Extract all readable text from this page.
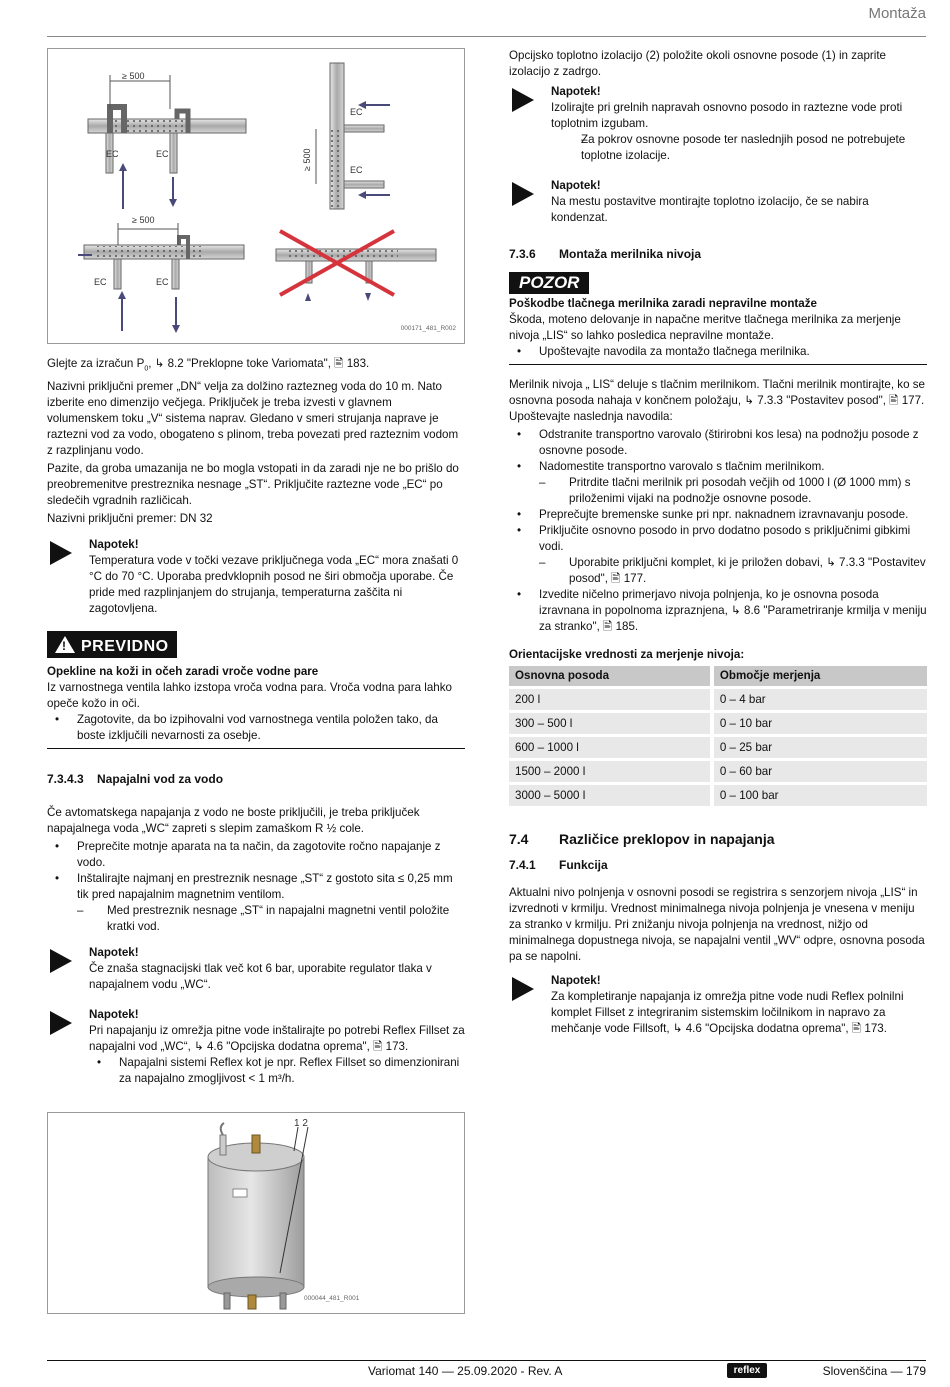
Montaža
≥ 500
EC	EC
EC
EC
≥ 500
≥ 500
EC	EC
000171_481_R002

Glejte za izračun $P_0$, ↳ 8.2 "Preklopne toke Variomata", 🖹 183.

Nazivni priključni premer „DN“ velja za dolžino raztezneg voda do 10 m. Nato izberite eno dimenzijo večjega. Priključek je treba izvesti v glavnem volumenskem toku „V“ sistema naprav. Gledano v smeri strujanja naprave je raztezni vod za vodo, obogateno s plinom, treba povezati pred razteznim vodom z razplinjanu vodo.

Pazite, da groba umazanija ne bo mogla vstopati in da zaradi nje ne bo prišlo do preobremenitve prestreznika nesnage „ST“. Priključite raztezne vode „EC“ po sledečih vgradnih različicah.

Nazivni priključni premer: DN 32

Napotek!
Temperatura vode v točki vezave priključnega voda „EC“ mora znašati 0 °C do 70 °C. Uporaba predvklopnih posod ne širi območja uporabe. Če pride med razplinjanjem do strujanja, temperaturna zaščita ni zagotovljena.
! PREVIDNO
Opekline na koži in očeh zaradi vroče vodne pare
Iz varnostnega ventila lahko izstopa vroča vodna para. Vroča vodna para lahko opeče kožo in oči.
• Zagotovite, da bo izpihovalni vod varnostnega ventila položen tako, da boste izključili nevarnosti za osebje.
7.3.4.3 Napajalni vod za vodo

Če avtomatskega napajanja z vodo ne boste priključili, je treba priključek napajalnega voda „WC“ zapreti s slepim zamaškom R ½ cole.

• Preprečite motnje aparata na ta način, da zagotovite ročno napajanje z vodo.
• Inštalirajte najmanj en prestreznik nesnage „ST“ z gostoto sita ≤ 0,25 mm tik pred napajalnim magnetnim ventilom.
– Med prestreznik nesnage „ST“ in napajalni magnetni ventil položite kratki vod.
Napotek!
Če znaša stagnacijski tlak več kot 6 bar, uporabite regulator tlaka v napajalnem vodu „WC“.
Napotek!
Pri napajanju iz omrežja pitne vode inštalirajte po potrebi Reflex Fillset za napajalni vod „WC“, ↳ 4.6 "Opcijska dodatna oprema", 🖹 173.
• Napajalni sistemi Reflex kot je npr. Reflex Fillset so dimenzionirani za napajalno zmogljivost < 1 m³/h.
1 2
000044_481_R001

Opcijsko toplotno izolacijo (2) položite okoli osnovne posode (1) in zaprite izolacijo z zadrgo.

Napotek!
Izolirajte pri grelnih napravah osnovno posodo in raztezne vode proti toplotnim izgubam.
– Za pokrov osnovne posode ter naslednjih posod ne potrebujete toplotne izolacije.
Napotek!
Na mestu postavitve montirajte toplotno izolacijo, če se nabira kondenzat.
7.3.6 Montaža merilnika nivoja
POZOR
Poškodbe tlačnega merilnika zaradi nepravilne montaže
Škoda, moteno delovanje in napačne meritve tlačnega merilnika za merjenje nivoja „LIS“ so lahko posledica nepravilne montaže.
• Upoštevajte navodila za montažo tlačnega merilnika.

Merilnik nivoja „ LIS“ deluje s tlačnim merilnikom. Tlačni merilnik montirajte, ko se osnovna posoda nahaja v končnem položaju, ↳ 7.3.3 "Postavitev posod", 🖹 177. Upoštevajte naslednja navodila:

• Odstranite transportno varovalo (štirirobni kos lesa) na podnožju posode z osnovne posode.
• Nadomestite transportno varovalo s tlačnim merilnikom.
– Pritrdite tlačni merilnik pri posodah večjih od 1000 l (Ø 1000 mm) s priloženimi vijaki na podnožje osnovne posode.
• Preprečujte bremenske sunke pri npr. naknadnem izravnavanju posode.
• Priključite osnovno posodo in prvo dodatno posodo s priključnimi gibkimi vodi.
– Uporabite priključni komplet, ki je priložen dobavi, ↳ 7.3.3 "Postavitev posod", 🖹 177.
• Izvedite ničelno primerjavo nivoja polnjenja, ko je osnovna posoda izravnana in popolnoma izpraznjena, ↳ 8.6 "Parametriranje krmilja v meniju za stranko", 🖹 185.
Orientacijske vrednosti za merjenje nivoja:
Osnovna posoda		Območje merjenja
200 l		0 – 4 bar
300 – 500 l		0 – 10 bar
600 – 1000 l		0 – 25 bar
1500 – 2000 l		0 – 60 bar
3000 – 5000 l		0 – 100 bar
7.4 Različice preklopov in napajanja
7.4.1 Funkcija

Aktualni nivo polnjenja v osnovni posodi se registrira s senzorjem nivoja „LIS“ in izvrednoti v krmilju. Vrednost minimalnega nivoja polnjenja je vnesena v meniju za stranko v krmilju. Pri znižanju nivoja polnjenja na vrednost, nižjo od minimalnega dopustnega nivoja, se napajalni ventil „WV“ odpre, osnovna posoda pa se napolni.

Napotek!
Za kompletiranje napajanja iz omrežja pitne vode nudi Reflex polnilni komplet Fillset z integriranim sistemskim ločilnikom in napravo za mehčanje vode Fillsoft, ↳ 4.6 "Opcijska dodatna oprema", 🖹 173.
Variomat 140 — 25.09.2020 - Rev. A	reflex	Slovenščina — 179
